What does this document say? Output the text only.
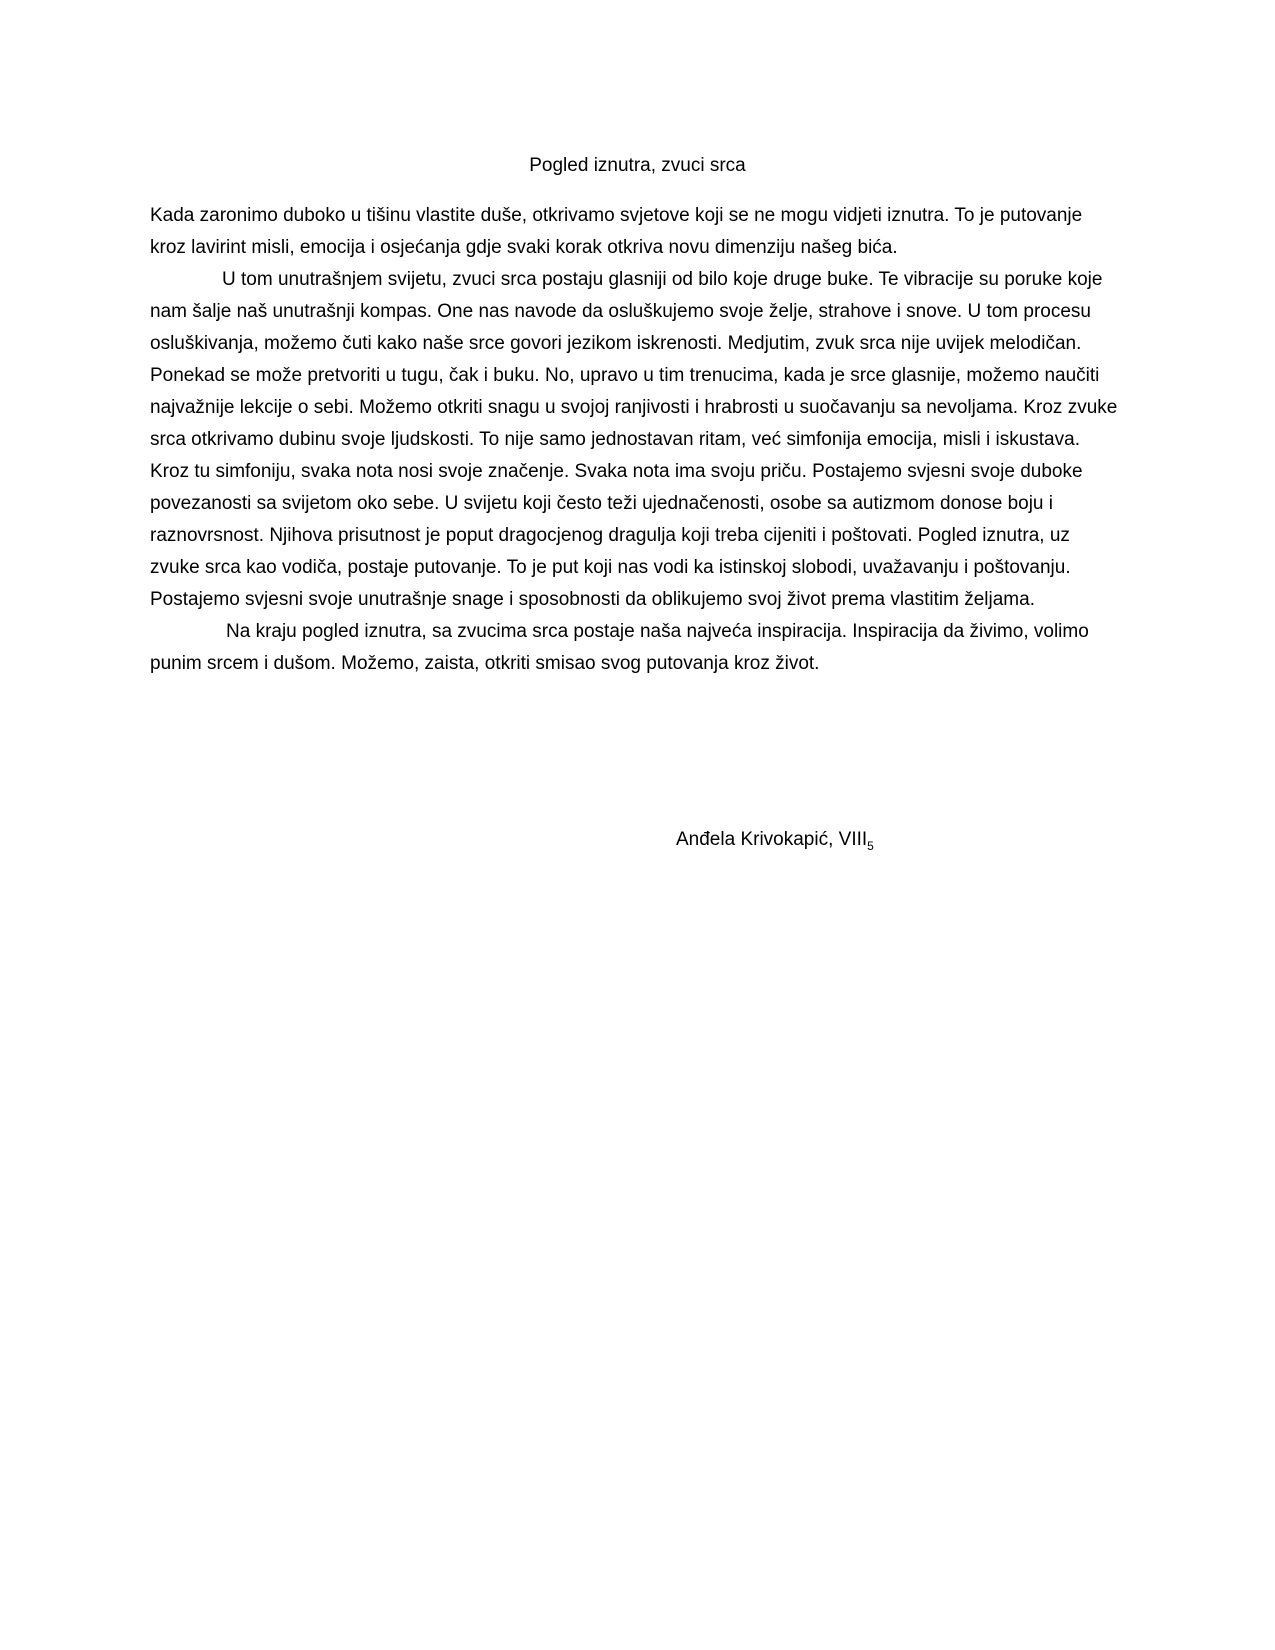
Pogled iznutra, zvuci srca

Kada zaronimo duboko u tišinu vlastite duše, otkrivamo svjetove koji se ne mogu vidjeti iznutra. To je putovanje kroz lavirint misli, emocija i osjećanja gdje svaki korak otkriva novu dimenziju našeg bića.

U tom unutrašnjem svijetu, zvuci srca postaju glasniji od bilo koje druge buke. Te vibracije su poruke koje nam šalje naš unutrašnji kompas. One nas navode da osluškujemo svoje želje, strahove i snove. U tom procesu osluškivanja, možemo čuti kako naše srce govori jezikom iskrenosti. Medjutim, zvuk srca nije uvijek melodičan. Ponekad se može pretvoriti u tugu, čak i buku. No, upravo u tim trenucima, kada je srce glasnije, možemo naučiti najvažnije lekcije o sebi. Možemo otkriti snagu u svojoj ranjivosti i hrabrosti u suočavanju sa nevoljama. Kroz zvuke srca otkrivamo dubinu svoje ljudskosti. To nije samo jednostavan ritam, već simfonija emocija, misli i iskustava. Kroz tu simfoniju, svaka nota nosi svoje značenje. Svaka nota ima svoju priču. Postajemo svjesni svoje duboke povezanosti sa svijetom oko sebe. U svijetu koji često teži ujednačenosti, osobe sa autizmom donose boju i raznovrsnost. Njihova prisutnost je poput dragocjenog dragulja koji treba cijeniti i poštovati. Pogled iznutra, uz zvuke srca kao vodiča, postaje putovanje. To je put koji nas vodi ka istinskoj slobodi, uvažavanju i poštovanju. Postajemo svjesni svoje unutrašnje snage i sposobnosti da oblikujemo svoj život prema vlastitim željama.

Na kraju pogled iznutra, sa zvucima srca postaje naša najveća inspiracija. Inspiracija da živimo, volimo punim srcem i dušom. Možemo, zaista, otkriti smisao svog putovanja kroz život.

Anđela Krivokapić, $VIII_5$
